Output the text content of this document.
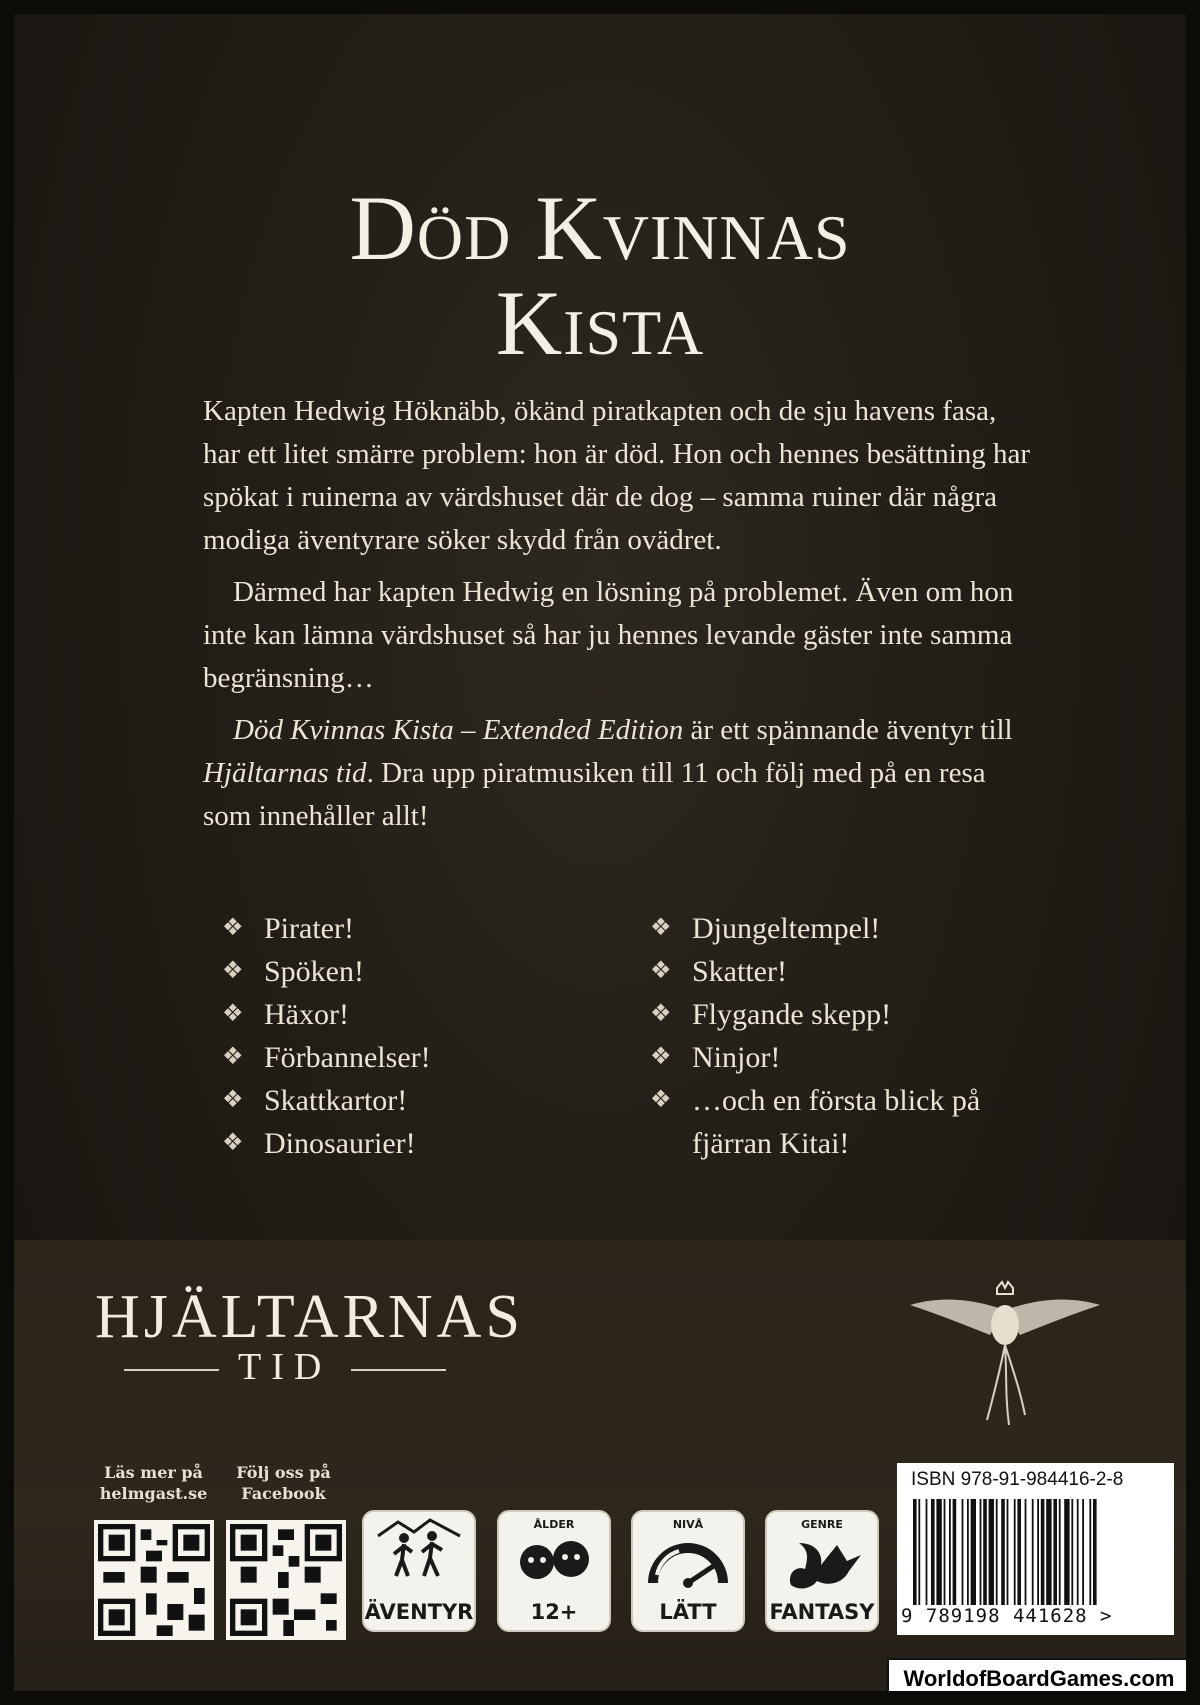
Död Kvinnas
Kista

Kapten Hedwig Höknäbb, ökänd piratkapten och de sju havens fasa, har ett litet smärre problem: hon är död. Hon och hennes besättning har spökat i ruinerna av värdshuset där de dog – samma ruiner där några modiga äventyrare söker skydd från ovädret.

Därmed har kapten Hedwig en lösning på problemet. Även om hon inte kan lämna värdshuset så har ju hennes levande gäster inte samma begränsning…

Död Kvinnas Kista – Extended Edition är ett spännande äventyr till Hjältarnas tid. Dra upp piratmusiken till 11 och följ med på en resa som innehåller allt!

❖ Pirater!
❖ Spöken!
❖ Häxor!
❖ Förbannelser!
❖ Skattkartor!
❖ Dinosaurier!
❖ Djungeltempel!
❖ Skatter!
❖ Flygande skepp!
❖ Ninjor!
❖ …och en första blick på fjärran Kitai!
HJÄLTARNAS
TID
Läs mer på helmgast.se
Följ oss på Facebook
ÄVENTYR
ÅLDER
12+
NIVÅ
LÄTT
GENRE
FANTASY
ISBN 978-91-984416-2-8
9 789198 441628 >
WorldofBoardGames.com
